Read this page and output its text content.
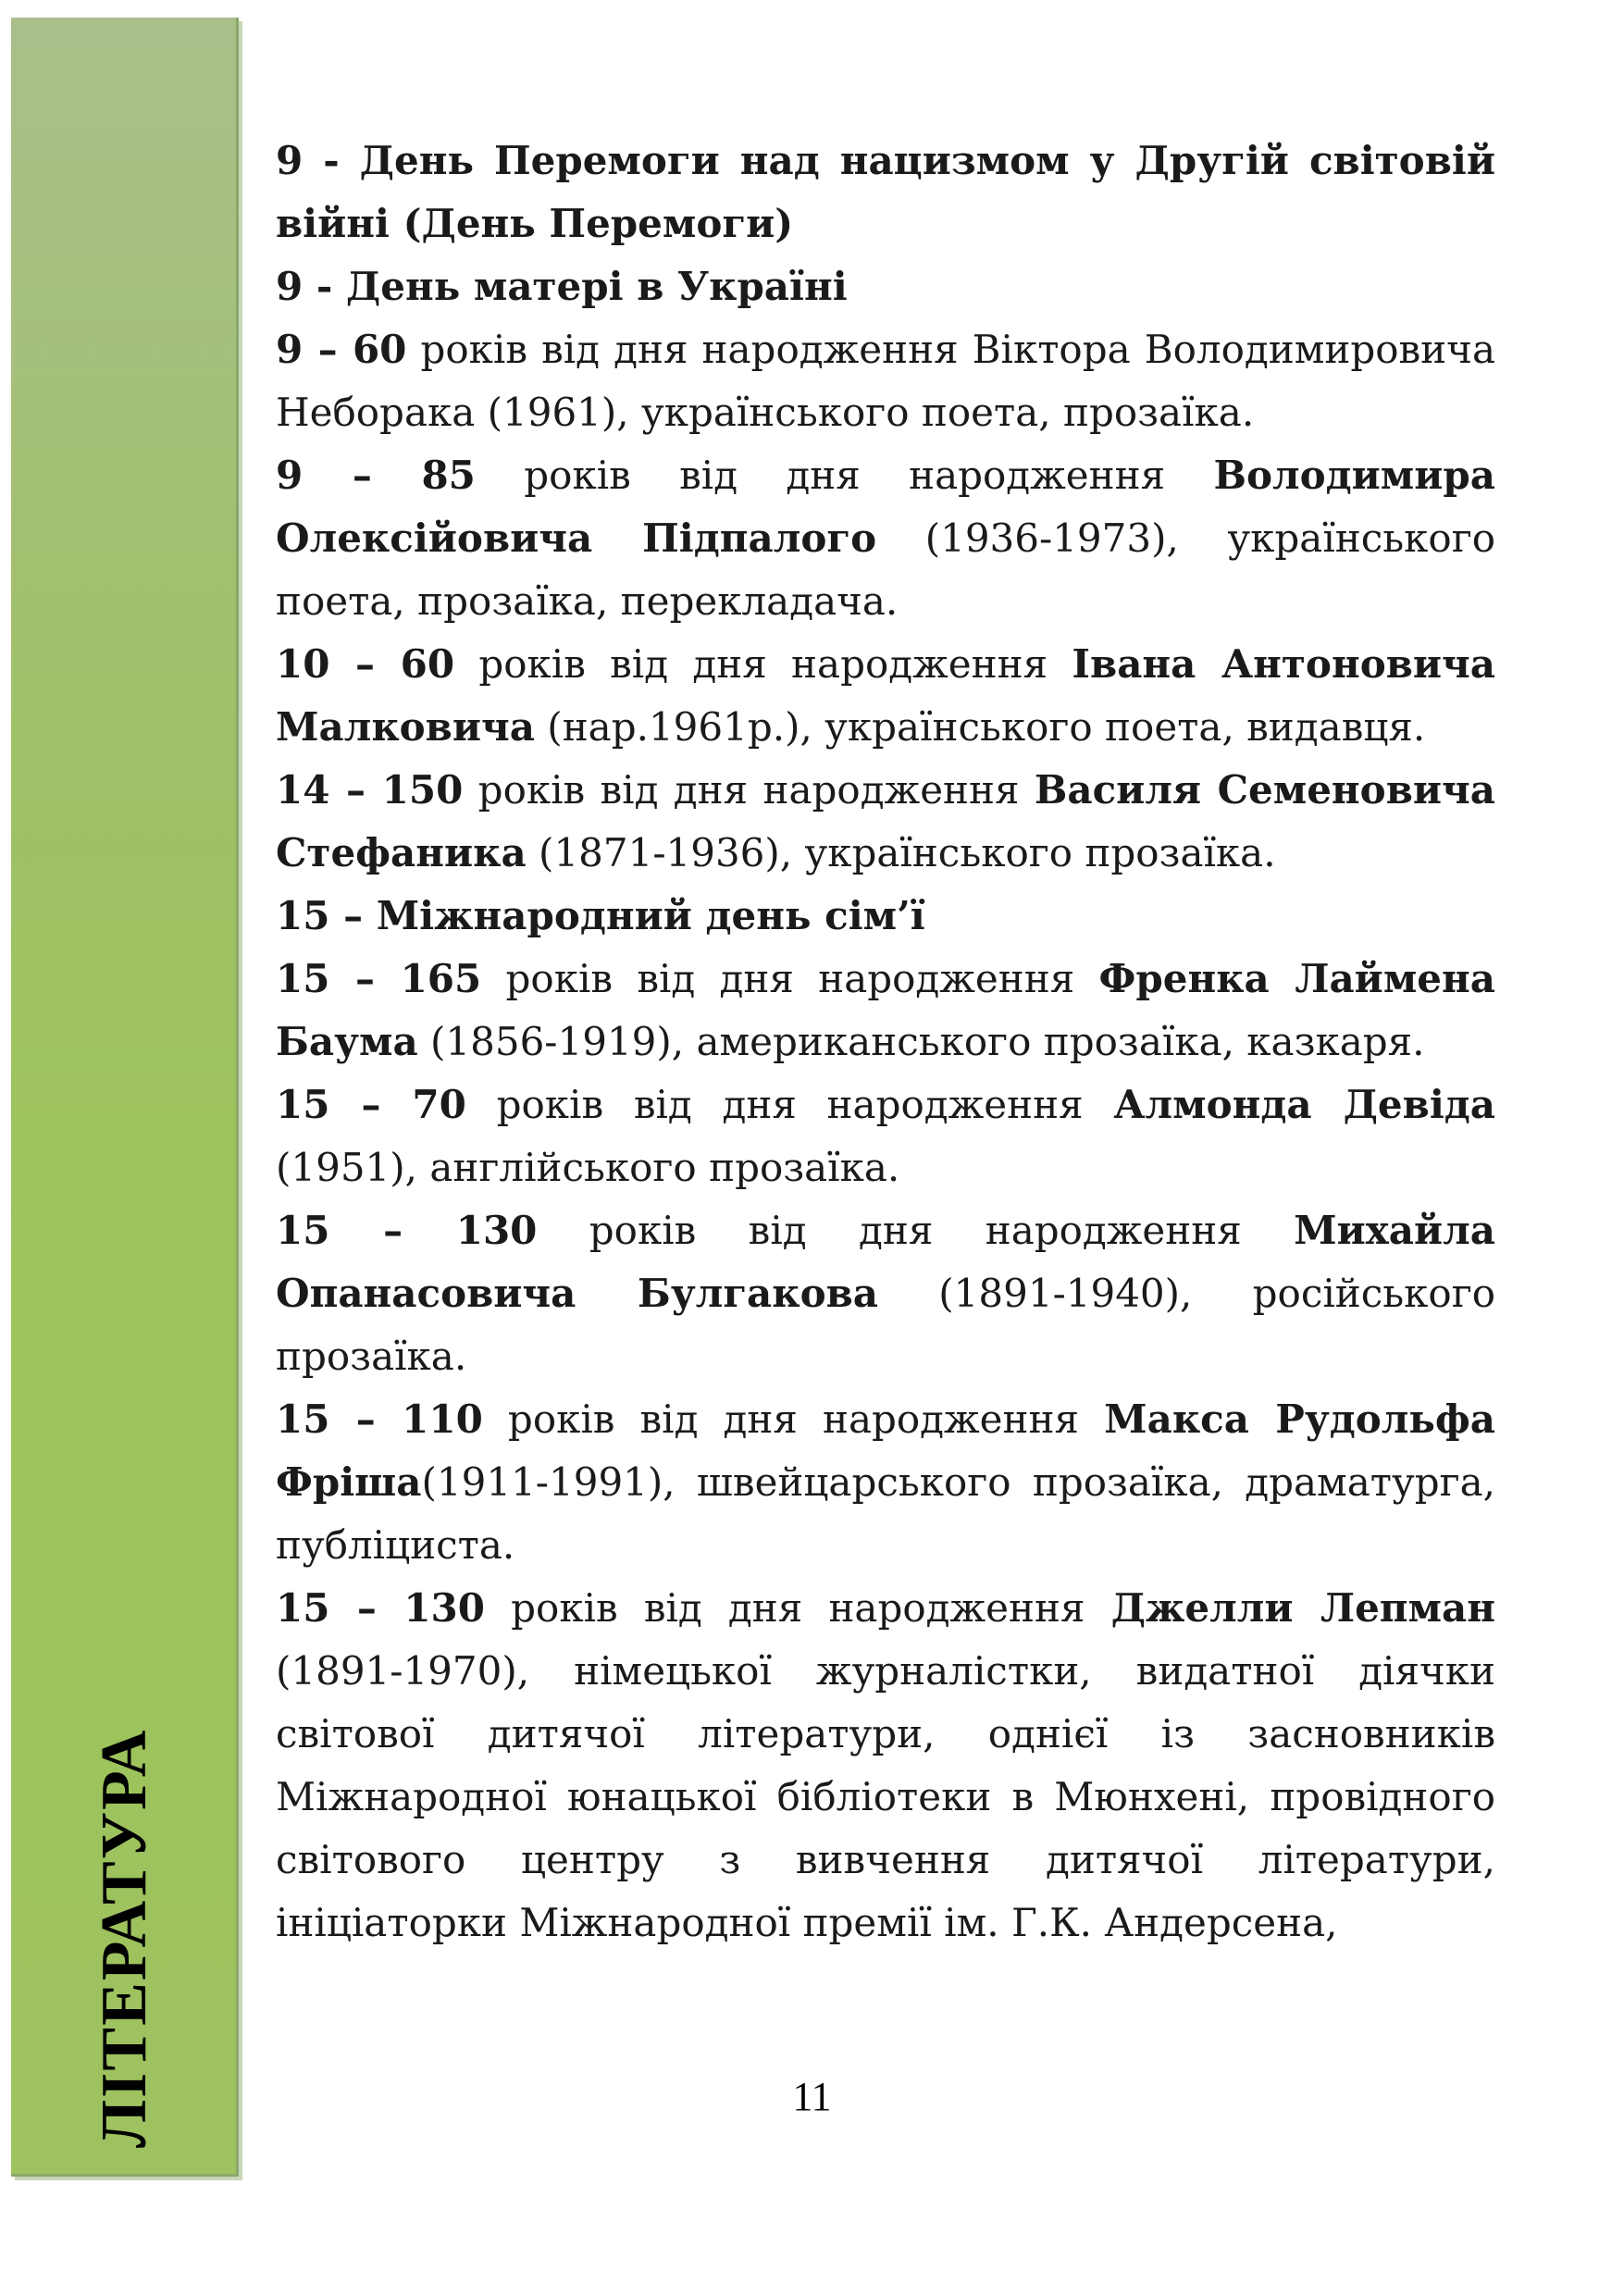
ЛІТЕРАТУРА

9 - День Перемоги над нацизмом у Другій світовій війні (День Перемоги)

9 - День матері в Україні

9 – 60 років від дня народження Віктора Володимировича Неборака (1961), українського поета, прозаїка.

9 – 85 років від дня народження Володимира Олексійовича Підпалого (1936-1973), українського поета, прозаїка, перекладача.

10 – 60 років від дня народження Івана Антоновича Малковича (нар.1961р.), українського поета, видавця.

14 – 150 років від дня народження Василя Семеновича Стефаника (1871-1936), українського прозаїка.

15 – Міжнародний день сім’ї

15 – 165 років від дня народження Френка Лаймена Баума (1856-1919), американського прозаїка, казкаря.

15 – 70 років від дня народження Алмонда Девіда (1951), англійського прозаїка.

15 – 130 років від дня народження Михайла Опанасовича Булгакова (1891-1940), російського прозаїка.

15 – 110 років від дня народження Макса Рудольфа Фріша(1911-1991), швейцарського прозаїка, драматурга, публіциста.

15 – 130 років від дня народження Джелли Лепман (1891-1970), німецької журналістки, видатної діячки світової дитячої літератури, однієї із засновників Міжнародної юнацької бібліотеки в Мюнхені, провідного світового центру з вивчення дитячої літератури, ініціаторки Міжнародної премії ім. Г.К. Андерсена,

11
